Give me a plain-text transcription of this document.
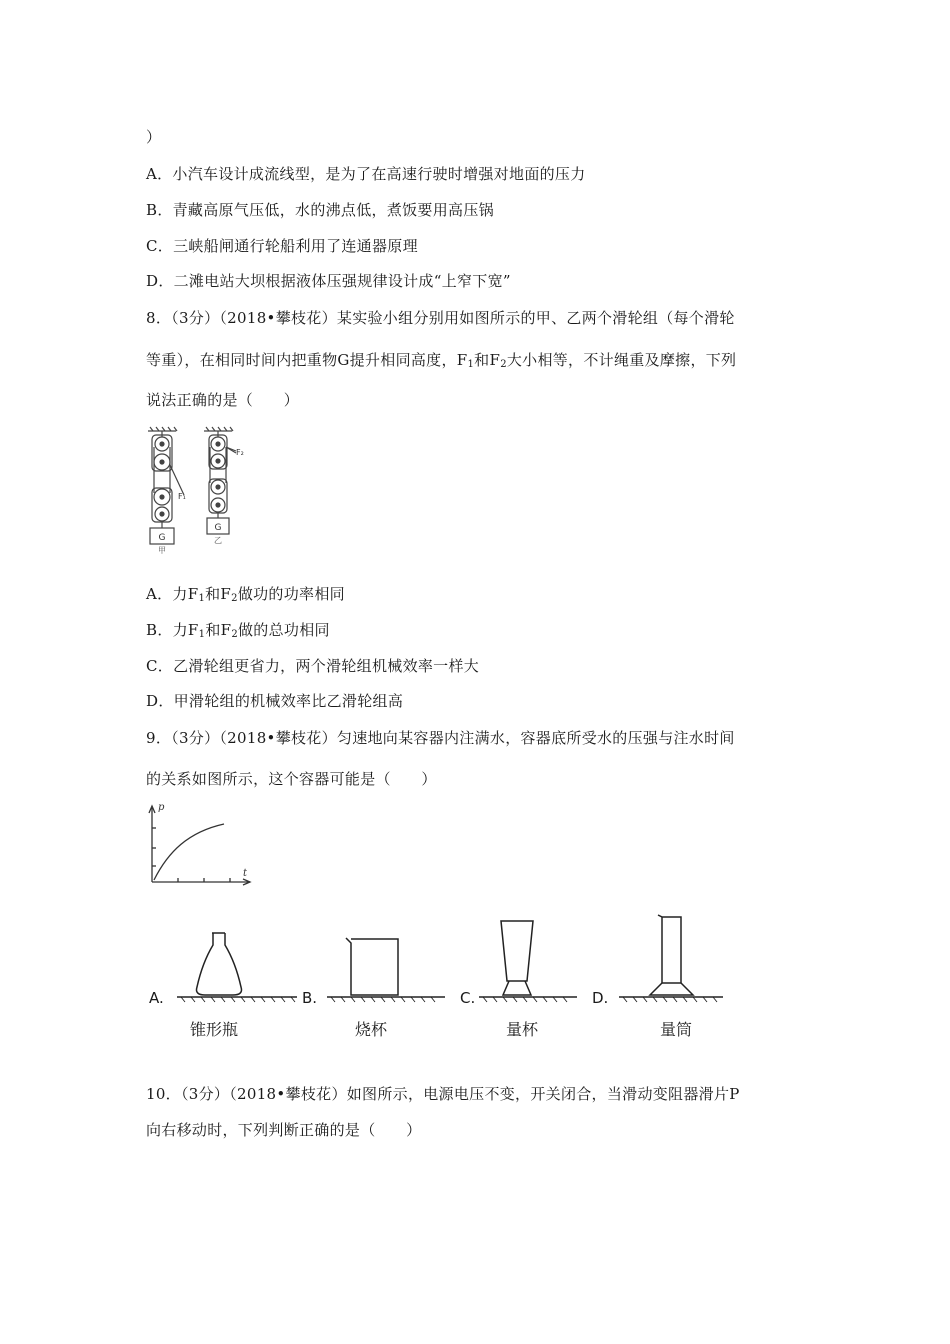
）
A．小汽车设计成流线型，是为了在高速行驶时增强对地面的压力
B．青藏高原气压低，水的沸点低，煮饭要用高压锅
C．三峡船闸通行轮船利用了连通器原理
D．二滩电站大坝根据液体压强规律设计成“上窄下宽”
8．（3分）（2018•攀枝花）某实验小组分别用如图所示的甲、乙两个滑轮组（每个滑轮
等重），在相同时间内把重物G提升相同高度，$F_1$和$F_2$大小相等，不计绳重及摩擦，下列
说法正确的是（　　）
G
G
F₁
F₂
甲
乙
A．力$F_1$和$F_2$做功的功率相同
B．力$F_1$和$F_2$做的总功相同
C．乙滑轮组更省力，两个滑轮组机械效率一样大
D．甲滑轮组的机械效率比乙滑轮组高
9．（3分）（2018•攀枝花）匀速地向某容器内注满水，容器底所受水的压强与注水时间
的关系如图所示，这个容器可能是（　　）
p
t
A.	B.	C.	D.
锥形瓶	烧杯	量杯	量筒
10．（3分）（2018•攀枝花）如图所示，电源电压不变，开关闭合，当滑动变阻器滑片P
向右移动时，下列判断正确的是（　　）
